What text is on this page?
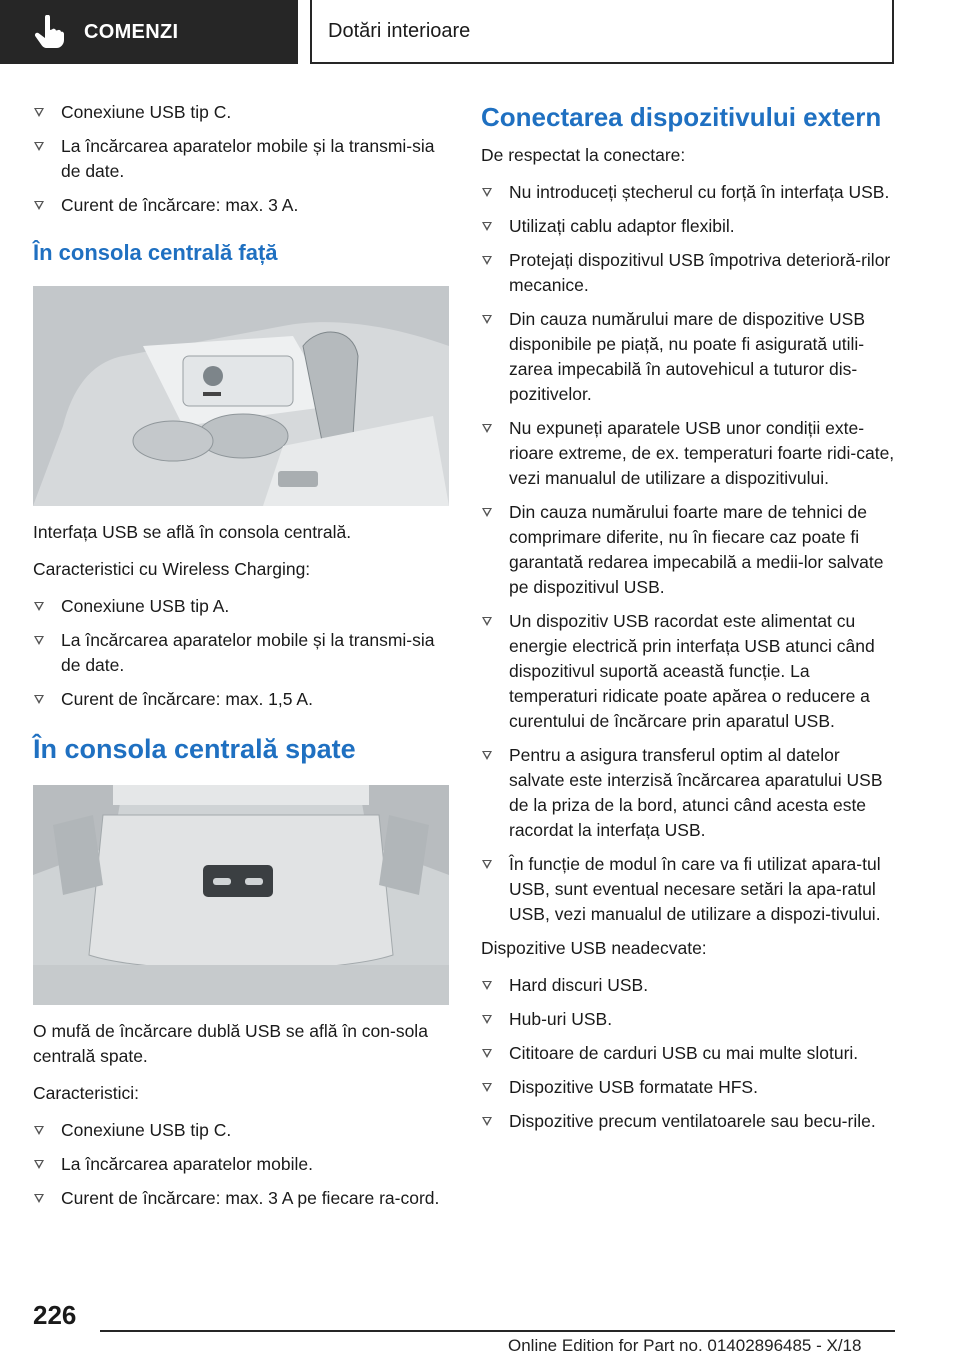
COMENZI	Dotări interioare
Conexiune USB tip C.
La încărcarea aparatelor mobile și la transmi-sia de date.
Curent de încărcare: max. 3 A.
În consola centrală față

Interfața USB se află în consola centrală.

Caracteristici cu Wireless Charging:

Conexiune USB tip A.
La încărcarea aparatelor mobile și la transmi-sia de date.
Curent de încărcare: max. 1,5 A.
În consola centrală spate

O mufă de încărcare dublă USB se află în con-sola centrală spate.

Caracteristici:

Conexiune USB tip C.
La încărcarea aparatelor mobile.
Curent de încărcare: max. 3 A pe fiecare ra-cord.
Conectarea dispozitivului extern

De respectat la conectare:

Nu introduceți ștecherul cu forță în interfața USB.
Utilizați cablu adaptor flexibil.
Protejați dispozitivul USB împotriva deterioră-rilor mecanice.
Din cauza numărului mare de dispozitive USB disponibile pe piață, nu poate fi asigurată utili-zarea impecabilă în autovehicul a tuturor dis-pozitivelor.
Nu expuneți aparatele USB unor condiții exte-rioare extreme, de ex. temperaturi foarte ridi-cate, vezi manualul de utilizare a dispozitivului.
Din cauza numărului foarte mare de tehnici de comprimare diferite, nu în fiecare caz poate fi garantată redarea impecabilă a medii-lor salvate pe dispozitivul USB.
Un dispozitiv USB racordat este alimentat cu energie electrică prin interfața USB atunci când dispozitivul suportă această funcție. La temperaturi ridicate poate apărea o reducere a curentului de încărcare prin aparatul USB.
Pentru a asigura transferul optim al datelor salvate este interzisă încărcarea aparatului USB de la priza de la bord, atunci când acesta este racordat la interfața USB.
În funcție de modul în care va fi utilizat apara-tul USB, sunt eventual necesare setări la apa-ratul USB, vezi manualul de utilizare a dispozi-tivului.

Dispozitive USB neadecvate:

Hard discuri USB.
Hub-uri USB.
Cititoare de carduri USB cu mai multe sloturi.
Dispozitive USB formatate HFS.
Dispozitive precum ventilatoarele sau becu-rile.
226
Online Edition for Part no. 01402896485 - X/18
